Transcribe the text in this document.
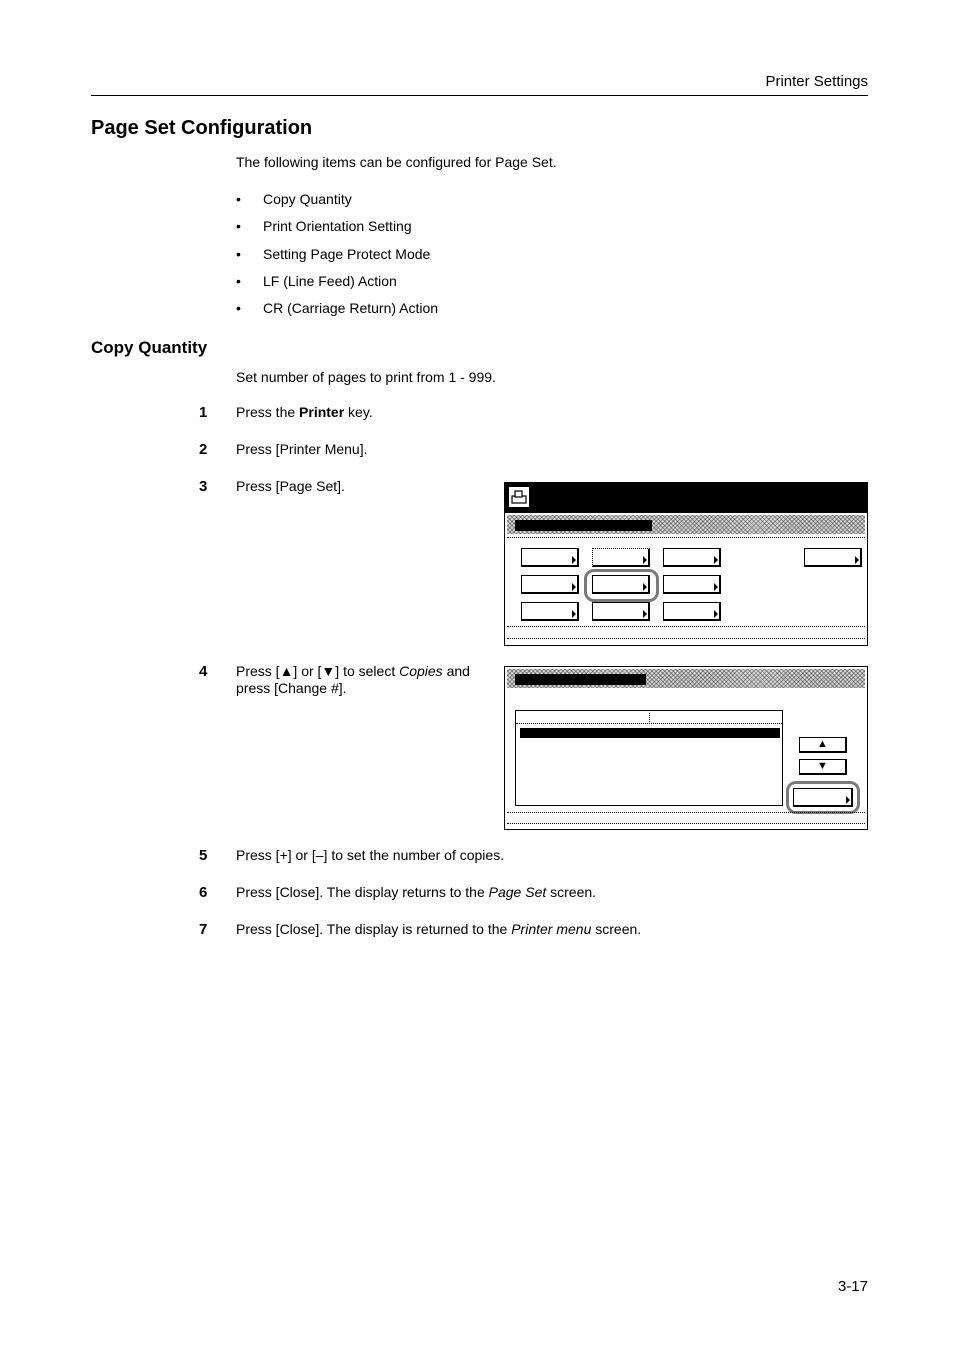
Printer Settings
Page Set Configuration
The following items can be configured for Page Set.
• Copy Quantity
• Print Orientation Setting
• Setting Page Protect Mode
• LF (Line Feed) Action
• CR (Carriage Return) Action
Copy Quantity
Set number of pages to print from 1 - 999.
1 Press the Printer key.
2 Press [Printer Menu].
3 Press [Page Set].
4 Press [▲] or [▼] to select Copies and press [Change #].
5 Press [+] or [–] to set the number of copies.
6 Press [Close]. The display returns to the Page Set screen.
7 Press [Close]. The display is returned to the Printer menu screen.
▲
▼
3-17
